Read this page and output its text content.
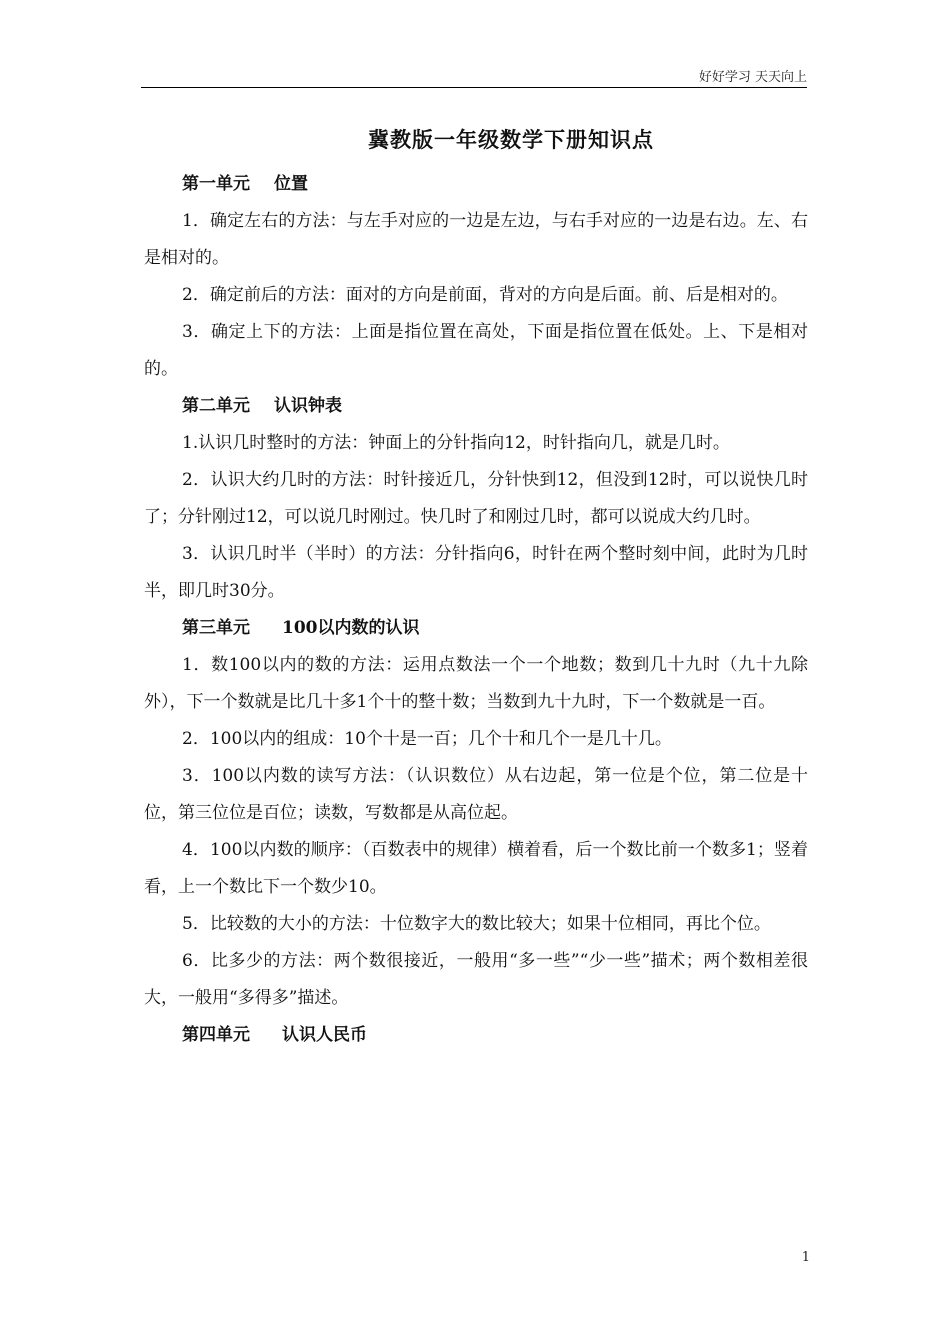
好好学习 天天向上
冀教版一年级数学下册知识点

第一单元 位置

1．确定左右的方法：与左手对应的一边是左边，与右手对应的一边是右边。左、右是相对的。

2．确定前后的方法：面对的方向是前面，背对的方向是后面。前、后是相对的。

3．确定上下的方法：上面是指位置在高处，下面是指位置在低处。上、下是相对的。

第二单元 认识钟表

1.认识几时整时的方法：钟面上的分针指向12，时针指向几，就是几时。

2．认识大约几时的方法：时针接近几，分针快到12，但没到12时，可以说快几时了；分针刚过12，可以说几时刚过。快几时了和刚过几时，都可以说成大约几时。

3．认识几时半（半时）的方法：分针指向6，时针在两个整时刻中间，此时为几时半，即几时30分。

第三单元 100以内数的认识

1．数100以内的数的方法：运用点数法一个一个地数；数到几十九时（九十九除外），下一个数就是比几十多1个十的整十数；当数到九十九时，下一个数就是一百。

2．100以内的组成：10个十是一百；几个十和几个一是几十几。

3．100以内数的读写方法：（认识数位）从右边起，第一位是个位，第二位是十位，第三位位是百位；读数，写数都是从高位起。

4．100以内数的顺序：（百数表中的规律）横着看，后一个数比前一个数多1；竖着看，上一个数比下一个数少10。

5．比较数的大小的方法：十位数字大的数比较大；如果十位相同，再比个位。

6．比多少的方法：两个数很接近，一般用“多一些”“少一些”描术；两个数相差很大，一般用“多得多”描述。

第四单元 认识人民币

1
